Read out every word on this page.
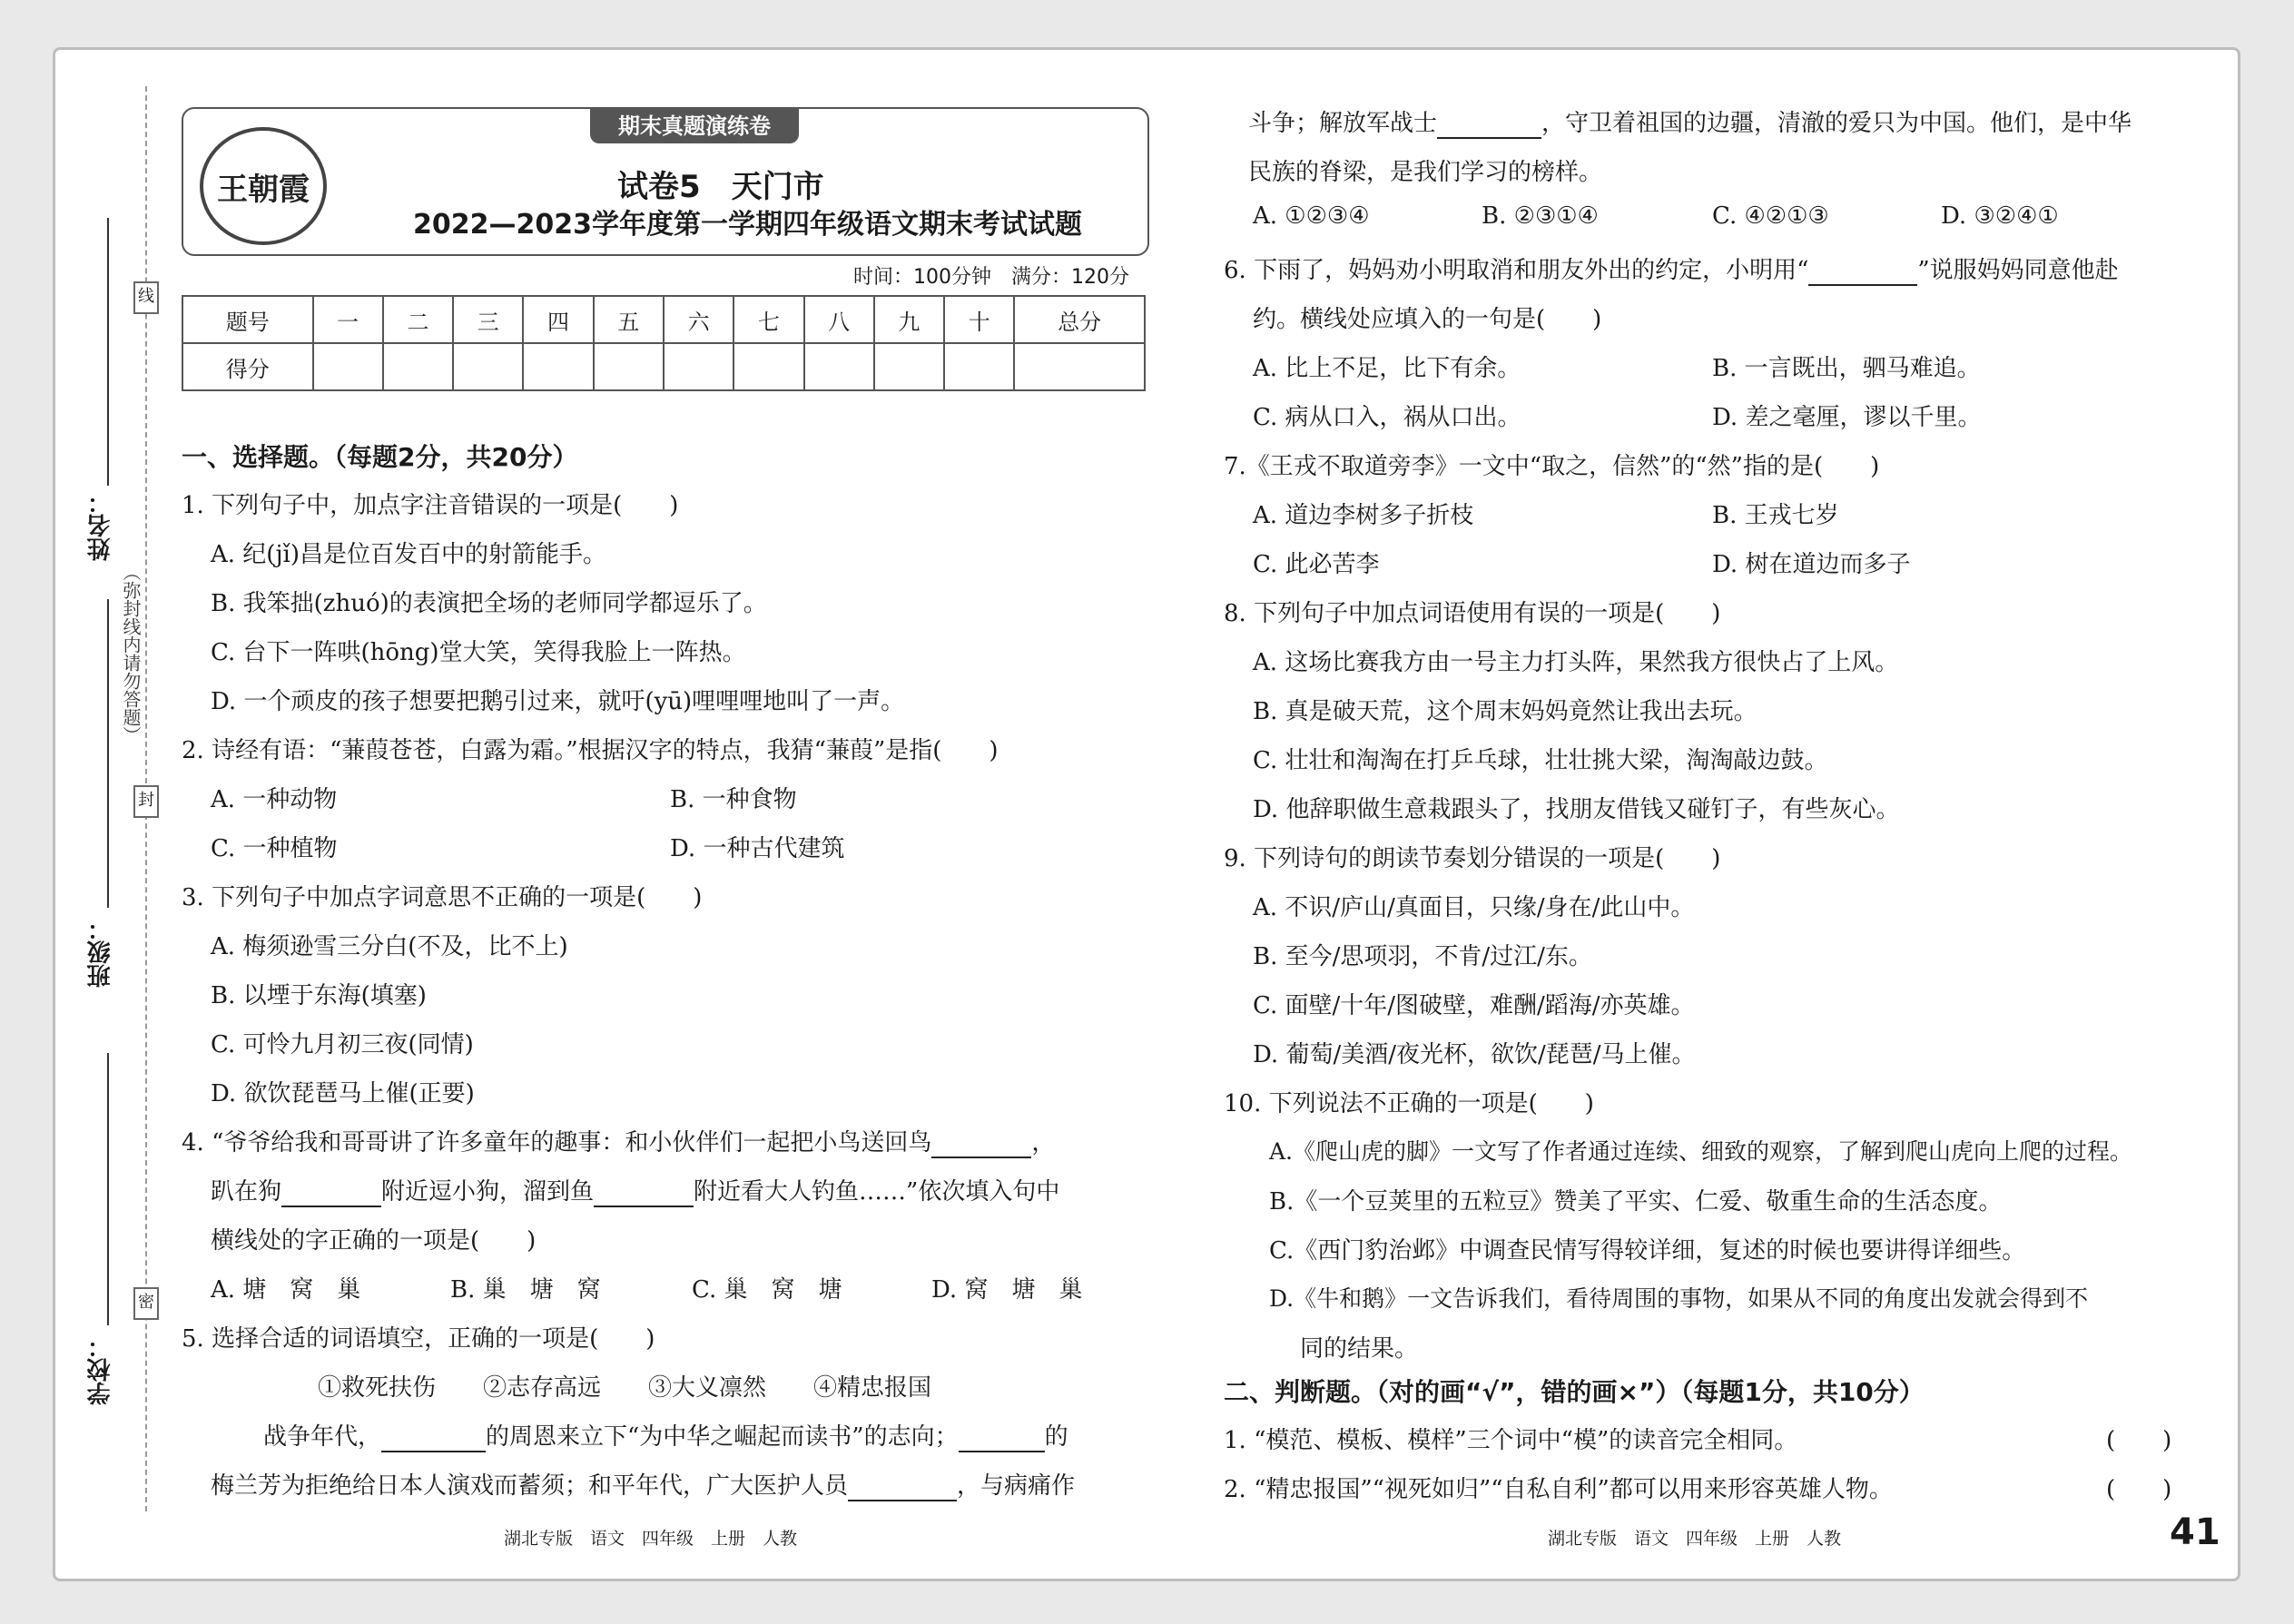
线
封
密
（弥封线内请勿答题）
姓名：
班级：
学校：
期末真题演练卷
王朝霞	试卷5　天门市
2022—2023学年度第一学期四年级语文期末考试试题
时间：100分钟　满分：120分
题号	一	二	三	四	五	六	七	八	九	十	总分
得分											
一、选择题。（每题2分，共20分）
1. 下列句子中，加点字注音错误的一项是(　　)
A. 纪(jǐ)昌是位百发百中的射箭能手。
B. 我笨拙(zhuó)的表演把全场的老师同学都逗乐了。
C. 台下一阵哄(hōng)堂大笑，笑得我脸上一阵热。
D. 一个顽皮的孩子想要把鹅引过来，就吁(yū)哩哩哩地叫了一声。
2. 诗经有语：“蒹葭苍苍，白露为霜。”根据汉字的特点，我猜“蒹葭”是指(　　)
A. 一种动物	B. 一种食物
C. 一种植物	D. 一种古代建筑
3. 下列句子中加点字词意思不正确的一项是(　　)
A. 梅须逊雪三分白(不及，比不上)
B. 以堙于东海(填塞)
C. 可怜九月初三夜(同情)
D. 欲饮琵琶马上催(正要)
4. “爷爷给我和哥哥讲了许多童年的趣事：和小伙伴们一起把小鸟送回鸟	，
趴在狗	附近逗小狗，溜到鱼	附近看大人钓鱼……”依次填入句中
横线处的字正确的一项是(　　)
A. 塘　窝　巢	B. 巢　塘　窝	C. 巢　窝　塘	D. 窝　塘　巢
5. 选择合适的词语填空，正确的一项是(　　)
①救死扶伤　　②志存高远　　③大义凛然　　④精忠报国
战争年代，	的周恩来立下“为中华之崛起而读书”的志向；	的
梅兰芳为拒绝给日本人演戏而蓄须；和平年代，广大医护人员	，与病痛作
斗争；解放军战士	，守卫着祖国的边疆，清澈的爱只为中国。他们，是中华
民族的脊梁，是我们学习的榜样。
A. ①②③④	B. ②③①④	C. ④②①③	D. ③②④①
6. 下雨了，妈妈劝小明取消和朋友外出的约定，小明用“	”说服妈妈同意他赴
约。横线处应填入的一句是(　　)
A. 比上不足，比下有余。	B. 一言既出，驷马难追。
C. 病从口入，祸从口出。	D. 差之毫厘，谬以千里。
7.《王戎不取道旁李》一文中“取之，信然”的“然”指的是(　　)
A. 道边李树多子折枝	B. 王戎七岁
C. 此必苦李	D. 树在道边而多子
8. 下列句子中加点词语使用有误的一项是(　　)
A. 这场比赛我方由一号主力打头阵，果然我方很快占了上风。
B. 真是破天荒，这个周末妈妈竟然让我出去玩。
C. 壮壮和淘淘在打乒乓球，壮壮挑大梁，淘淘敲边鼓。
D. 他辞职做生意栽跟头了，找朋友借钱又碰钉子，有些灰心。
9. 下列诗句的朗读节奏划分错误的一项是(　　)
A. 不识/庐山/真面目，只缘/身在/此山中。
B. 至今/思项羽，不肯/过江/东。
C. 面壁/十年/图破壁，难酬/蹈海/亦英雄。
D. 葡萄/美酒/夜光杯，欲饮/琵琶/马上催。
10. 下列说法不正确的一项是(　　)
A.《爬山虎的脚》一文写了作者通过连续、细致的观察，了解到爬山虎向上爬的过程。
B.《一个豆荚里的五粒豆》赞美了平实、仁爱、敬重生命的生活态度。
C.《西门豹治邺》中调查民情写得较详细，复述的时候也要讲得详细些。
D.《牛和鹅》一文告诉我们，看待周围的事物，如果从不同的角度出发就会得到不
同的结果。
二、判断题。（对的画“√”，错的画×”）（每题1分，共10分）
1. “模范、模板、模样”三个词中“模”的读音完全相同。	(　　)
2. “精忠报国”“视死如归”“自私自利”都可以用来形容英雄人物。	(　　)
湖北专版　语文　四年级　上册　人教	湖北专版　语文　四年级　上册　人教	41
